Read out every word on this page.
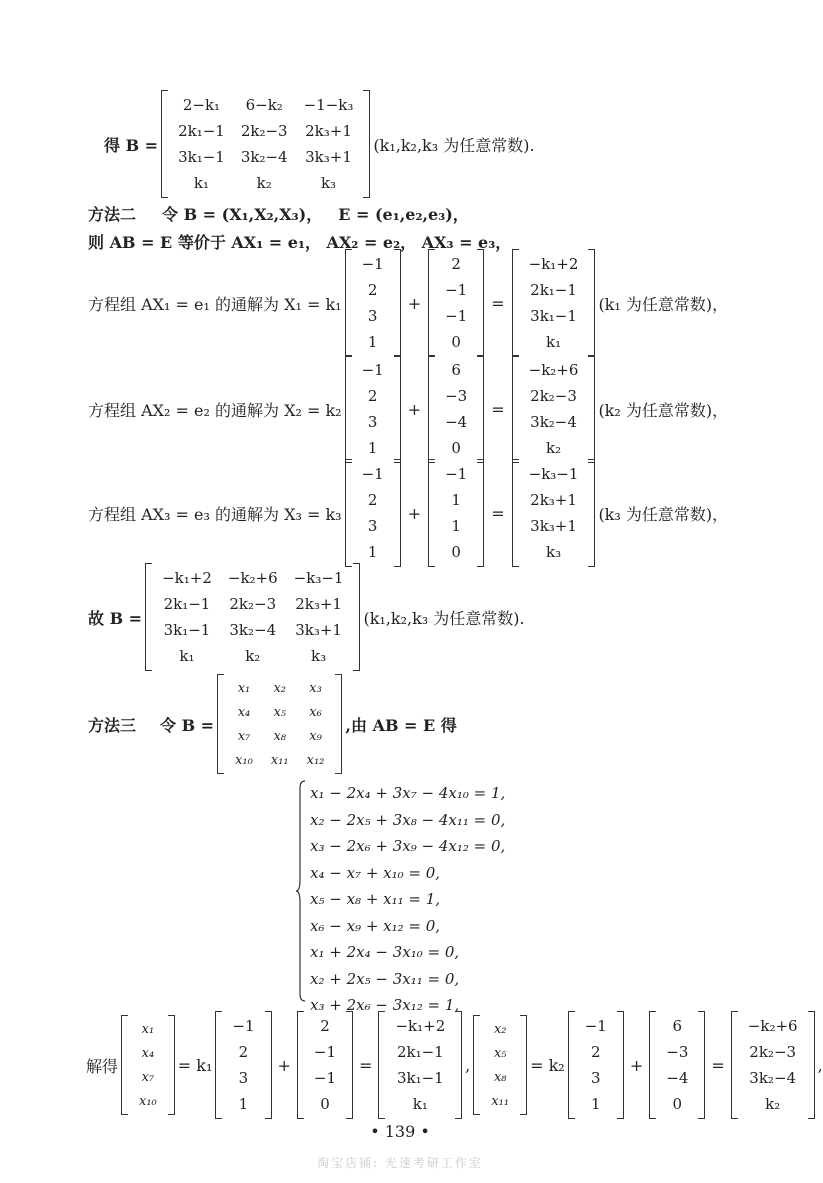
得 B =
2−k₁	6−k₂	−1−k₃
2k₁−1	2k₂−3	2k₃+1
3k₁−1	3k₂−4	3k₃+1
k₁	k₂	k₃
(k₁,k₂,k₃ 为任意常数).
方法二 令 B = (X₁,X₂,X₃)， E = (e₁,e₂,e₃)，
则 AB = E 等价于 AX₁ = e₁， AX₂ = e₂， AX₃ = e₃，
方程组 AX₁ = e₁ 的通解为 X₁ = k₁
−1
2
3
1
+
2
−1
−1
0
=
−k₁+2
2k₁−1
3k₁−1
k₁
(k₁ 为任意常数)，
方程组 AX₂ = e₂ 的通解为 X₂ = k₂
−1
2
3
1
+
6
−3
−4
0
=
−k₂+6
2k₂−3
3k₂−4
k₂
(k₂ 为任意常数)，
方程组 AX₃ = e₃ 的通解为 X₃ = k₃
−1
2
3
1
+
−1
1
1
0
=
−k₃−1
2k₃+1
3k₃+1
k₃
(k₃ 为任意常数)，
故 B =
−k₁+2	−k₂+6	−k₃−1
2k₁−1	2k₂−3	2k₃+1
3k₁−1	3k₂−4	3k₃+1
k₁	k₂	k₃
(k₁,k₂,k₃ 为任意常数).
方法三 令 B =
x₁	x₂	x₃
x₄	x₅	x₆
x₇	x₈	x₉
x₁₀	x₁₁	x₁₂
,由 AB = E 得
x₁ − 2x₄ + 3x₇ − 4x₁₀ = 1,
x₂ − 2x₅ + 3x₈ − 4x₁₁ = 0,
x₃ − 2x₆ + 3x₉ − 4x₁₂ = 0,
x₄ − x₇ + x₁₀ = 0,
x₅ − x₈ + x₁₁ = 1,
x₆ − x₉ + x₁₂ = 0,
x₁ + 2x₄ − 3x₁₀ = 0,
x₂ + 2x₅ − 3x₁₁ = 0,
x₃ + 2x₆ − 3x₁₂ = 1,
解得
x₁
x₄
x₇
x₁₀
= k₁
−1
2
3
1
+
2
−1
−1
0
=
−k₁+2
2k₁−1
3k₁−1
k₁
,
x₂
x₅
x₈
x₁₁
= k₂
−1
2
3
1
+
6
−3
−4
0
=
−k₂+6
2k₂−3
3k₂−4
k₂
,
• 139 •
淘宝店铺: 光速考研工作室
